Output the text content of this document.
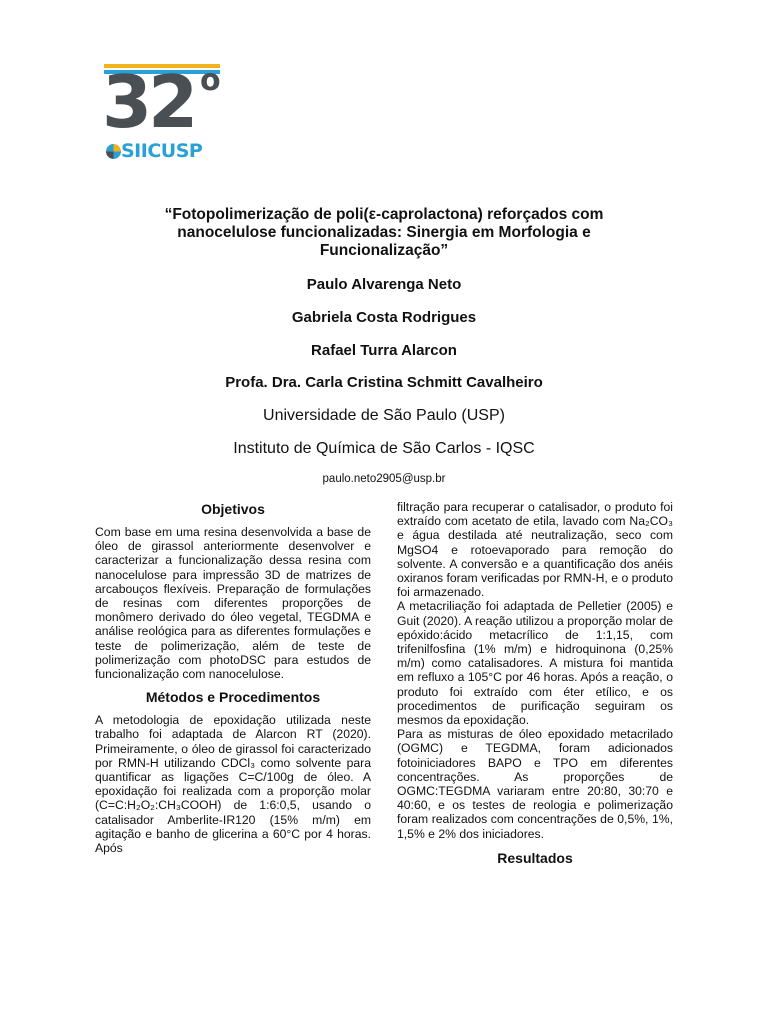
32 o
SIICUSP
“Fotopolimerização de poli(ε-caprolactona) reforçados com nanocelulose funcionalizadas: Sinergia em Morfologia e Funcionalização”
Paulo Alvarenga Neto
Gabriela Costa Rodrigues
Rafael Turra Alarcon
Profa. Dra. Carla Cristina Schmitt Cavalheiro
Universidade de São Paulo (USP)
Instituto de Química de São Carlos - IQSC
paulo.neto2905@usp.br
Objetivos

Com base em uma resina desenvolvida a base de óleo de girassol anteriormente desenvolver e caracterizar a funcionalização dessa resina com nanocelulose para impressão 3D de matrizes de arcabouços flexíveis. Preparação de formulações de resinas com diferentes proporções de monômero derivado do óleo vegetal, TEGDMA e análise reológica para as diferentes formulações e teste de polimerização, além de teste de polimerização com photoDSC para estudos de funcionalização com nanocelulose.

Métodos e Procedimentos

A metodologia de epoxidação utilizada neste trabalho foi adaptada de Alarcon RT (2020). Primeiramente, o óleo de girassol foi caracterizado por RMN-H utilizando CDCl₃ como solvente para quantificar as ligações C=C/100g de óleo. A epoxidação foi realizada com a proporção molar (C=C:H₂O₂:CH₃COOH) de 1:6:0,5, usando o catalisador Amberlite-IR120 (15% m/m) em agitação e banho de glicerina a 60°C por 4 horas. Após

filtração para recuperar o catalisador, o produto foi extraído com acetato de etila, lavado com Na₂CO₃ e água destilada até neutralização, seco com MgSO4 e rotoevaporado para remoção do solvente. A conversão e a quantificação dos anéis oxiranos foram verificadas por RMN-H, e o produto foi armazenado.

A metacriliação foi adaptada de Pelletier (2005) e Guit (2020). A reação utilizou a proporção molar de epóxido:ácido metacrílico de 1:1,15, com trifenilfosfina (1% m/m) e hidroquinona (0,25% m/m) como catalisadores. A mistura foi mantida em refluxo a 105°C por 46 horas. Após a reação, o produto foi extraído com éter etílico, e os procedimentos de purificação seguiram os mesmos da epoxidação.

Para as misturas de óleo epoxidado metacrilado (OGMC) e TEGDMA, foram adicionados fotoiniciadores BAPO e TPO em diferentes concentrações. As proporções de OGMC:TEGDMA variaram entre 20:80, 30:70 e 40:60, e os testes de reologia e polimerização foram realizados com concentrações de 0,5%, 1%, 1,5% e 2% dos iniciadores.

Resultados
